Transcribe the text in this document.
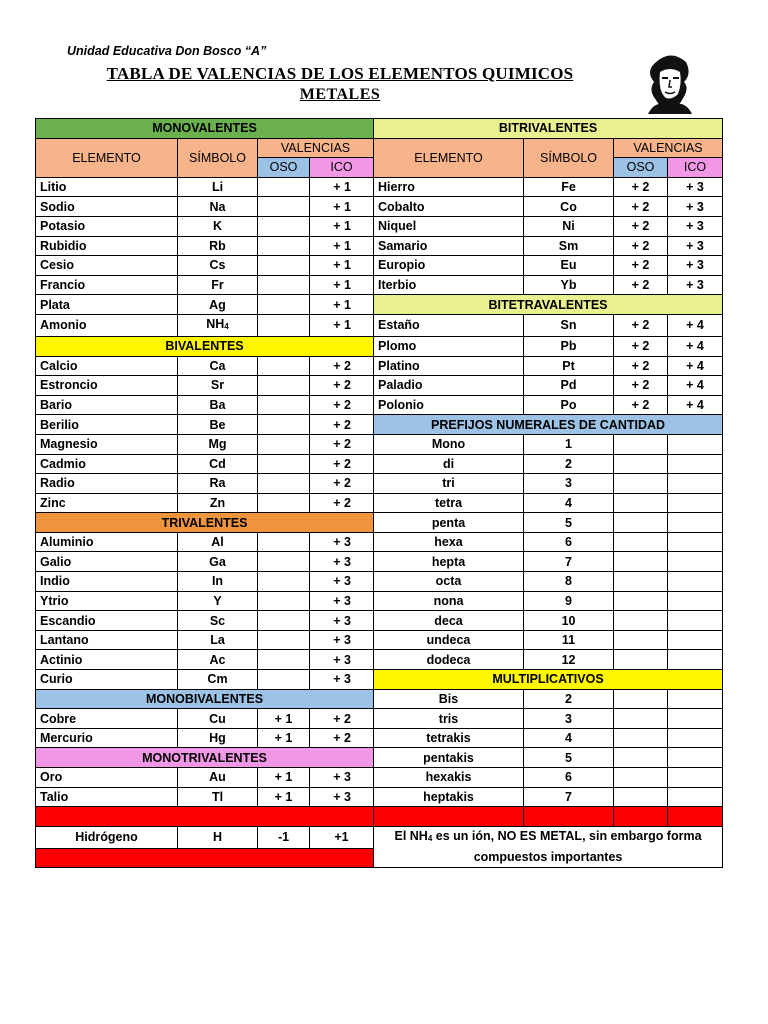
Unidad Educativa Don Bosco “A”
TABLA DE VALENCIAS DE LOS ELEMENTOS QUIMICOS
METALES
MONOVALENTES				BITRIVALENTES			
ELEMENTO	SÍMBOLO	VALENCIAS		ELEMENTO	SÍMBOLO	VALENCIAS	
		OSO	ICO			OSO	ICO
Litio	Li		+ 1	Hierro	Fe	+ 2	+ 3
Sodio	Na		+ 1	Cobalto	Co	+ 2	+ 3
Potasio	K		+ 1	Niquel	Ni	+ 2	+ 3
Rubidio	Rb		+ 1	Samario	Sm	+ 2	+ 3
Cesio	Cs		+ 1	Europio	Eu	+ 2	+ 3
Francio	Fr		+ 1	Iterbio	Yb	+ 2	+ 3
Plata	Ag		+ 1	BITETRAVALENTES			
Amonio	$NH_4$		+ 1	Estaño	Sn	+ 2	+ 4
BIVALENTES				Plomo	Pb	+ 2	+ 4
Calcio	Ca		+ 2	Platino	Pt	+ 2	+ 4
Estroncio	Sr		+ 2	Paladio	Pd	+ 2	+ 4
Bario	Ba		+ 2	Polonio	Po	+ 2	+ 4
Berilio	Be		+ 2	PREFIJOS NUMERALES DE CANTIDAD			
Magnesio	Mg		+ 2	Mono	1		
Cadmio	Cd		+ 2	di	2		
Radio	Ra		+ 2	tri	3		
Zinc	Zn		+ 2	tetra	4		
TRIVALENTES				penta	5		
Aluminio	Al		+ 3	hexa	6		
Galio	Ga		+ 3	hepta	7		
Indio	In		+ 3	octa	8		
Ytrio	Y		+ 3	nona	9		
Escandio	Sc		+ 3	deca	10		
Lantano	La		+ 3	undeca	11		
Actinio	Ac		+ 3	dodeca	12		
Curio	Cm		+ 3	MULTIPLICATIVOS			
MONOBIVALENTES				Bis	2		
Cobre	Cu	+ 1	+ 2	tris	3		
Mercurio	Hg	+ 1	+ 2	tetrakis	4		
MONOTRIVALENTES				pentakis	5		
Oro	Au	+ 1	+ 3	hexakis	6		
Talio	Tl	+ 1	+ 3	heptakis	7		

Hidrógeno	H	-1	+1	El $NH_4$ es un ión, NO ES METAL, sin embargo forma compuestos importantes			
